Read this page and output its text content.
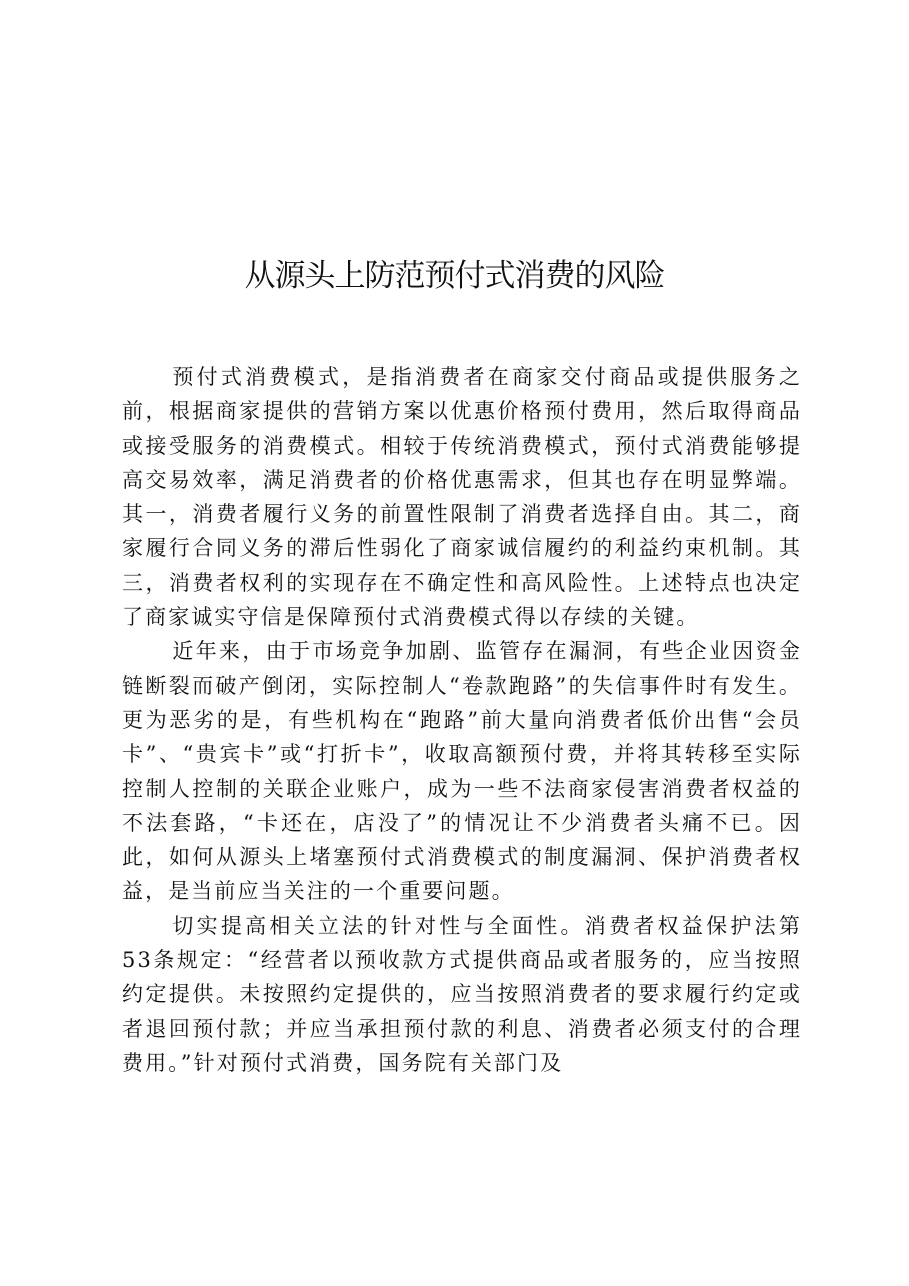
从源头上防范预付式消费的风险

预付式消费模式，是指消费者在商家交付商品或提供服务之前，根据商家提供的营销方案以优惠价格预付费用，然后取得商品或接受服务的消费模式。相较于传统消费模式，预付式消费能够提高交易效率，满足消费者的价格优惠需求，但其也存在明显弊端。其一，消费者履行义务的前置性限制了消费者选择自由。其二，商家履行合同义务的滞后性弱化了商家诚信履约的利益约束机制。其三，消费者权利的实现存在不确定性和高风险性。上述特点也决定了商家诚实守信是保障预付式消费模式得以存续的关键。

近年来，由于市场竞争加剧、监管存在漏洞，有些企业因资金链断裂而破产倒闭，实际控制人“卷款跑路”的失信事件时有发生。更为恶劣的是，有些机构在“跑路”前大量向消费者低价出售“会员卡”、“贵宾卡”或“打折卡”，收取高额预付费，并将其转移至实际控制人控制的关联企业账户，成为一些不法商家侵害消费者权益的不法套路，“卡还在，店没了”的情况让不少消费者头痛不已。因此，如何从源头上堵塞预付式消费模式的制度漏洞、保护消费者权益，是当前应当关注的一个重要问题。

切实提高相关立法的针对性与全面性。消费者权益保护法第53条规定：“经营者以预收款方式提供商品或者服务的，应当按照约定提供。未按照约定提供的，应当按照消费者的要求履行约定或者退回预付款；并应当承担预付款的利息、消费者必须支付的合理费用。”针对预付式消费，国务院有关部门及
